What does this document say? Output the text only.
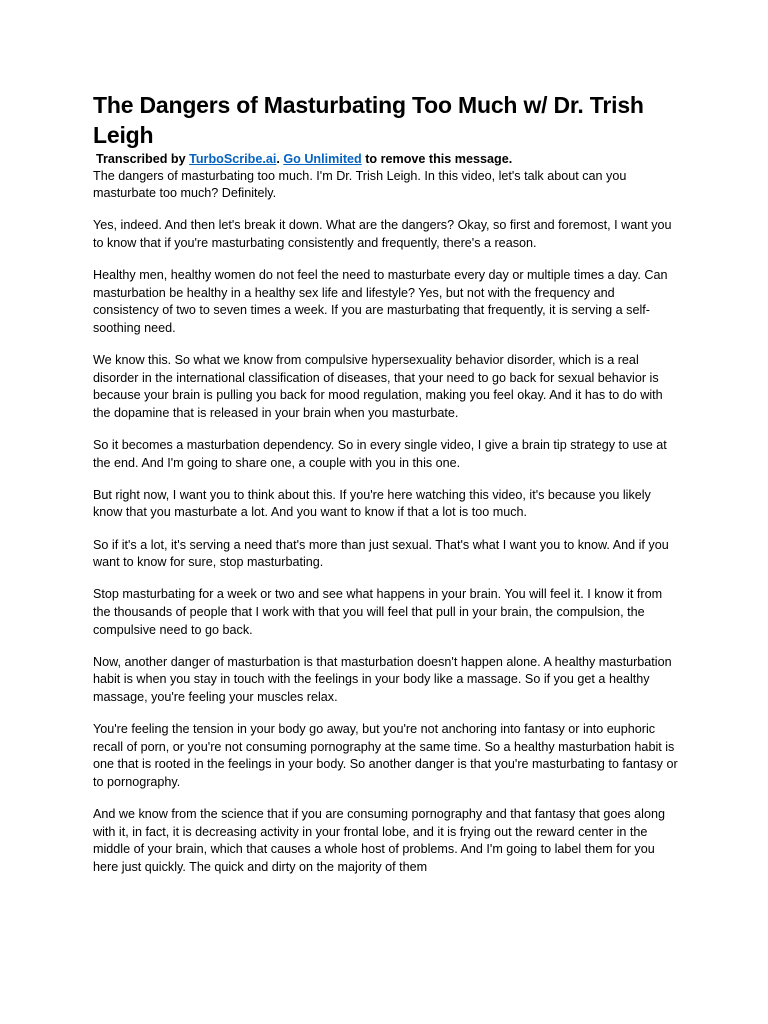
The Dangers of Masturbating Too Much w/ Dr. Trish Leigh

Transcribed by TurboScribe.ai. Go Unlimited to remove this message.

The dangers of masturbating too much. I'm Dr. Trish Leigh. In this video, let's talk about can you masturbate too much? Definitely.

Yes, indeed. And then let's break it down. What are the dangers? Okay, so first and foremost, I want you to know that if you're masturbating consistently and frequently, there's a reason.

Healthy men, healthy women do not feel the need to masturbate every day or multiple times a day. Can masturbation be healthy in a healthy sex life and lifestyle? Yes, but not with the frequency and consistency of two to seven times a week. If you are masturbating that frequently, it is serving a self-soothing need.

We know this. So what we know from compulsive hypersexuality behavior disorder, which is a real disorder in the international classification of diseases, that your need to go back for sexual behavior is because your brain is pulling you back for mood regulation, making you feel okay. And it has to do with the dopamine that is released in your brain when you masturbate.

So it becomes a masturbation dependency. So in every single video, I give a brain tip strategy to use at the end. And I'm going to share one, a couple with you in this one.

But right now, I want you to think about this. If you're here watching this video, it's because you likely know that you masturbate a lot. And you want to know if that a lot is too much.

So if it's a lot, it's serving a need that's more than just sexual. That's what I want you to know. And if you want to know for sure, stop masturbating.

Stop masturbating for a week or two and see what happens in your brain. You will feel it. I know it from the thousands of people that I work with that you will feel that pull in your brain, the compulsion, the compulsive need to go back.

Now, another danger of masturbation is that masturbation doesn't happen alone. A healthy masturbation habit is when you stay in touch with the feelings in your body like a massage. So if you get a healthy massage, you're feeling your muscles relax.

You're feeling the tension in your body go away, but you're not anchoring into fantasy or into euphoric recall of porn, or you're not consuming pornography at the same time. So a healthy masturbation habit is one that is rooted in the feelings in your body. So another danger is that you're masturbating to fantasy or to pornography.

And we know from the science that if you are consuming pornography and that fantasy that goes along with it, in fact, it is decreasing activity in your frontal lobe, and it is frying out the reward center in the middle of your brain, which that causes a whole host of problems. And I'm going to label them for you here just quickly. The quick and dirty on the majority of them
